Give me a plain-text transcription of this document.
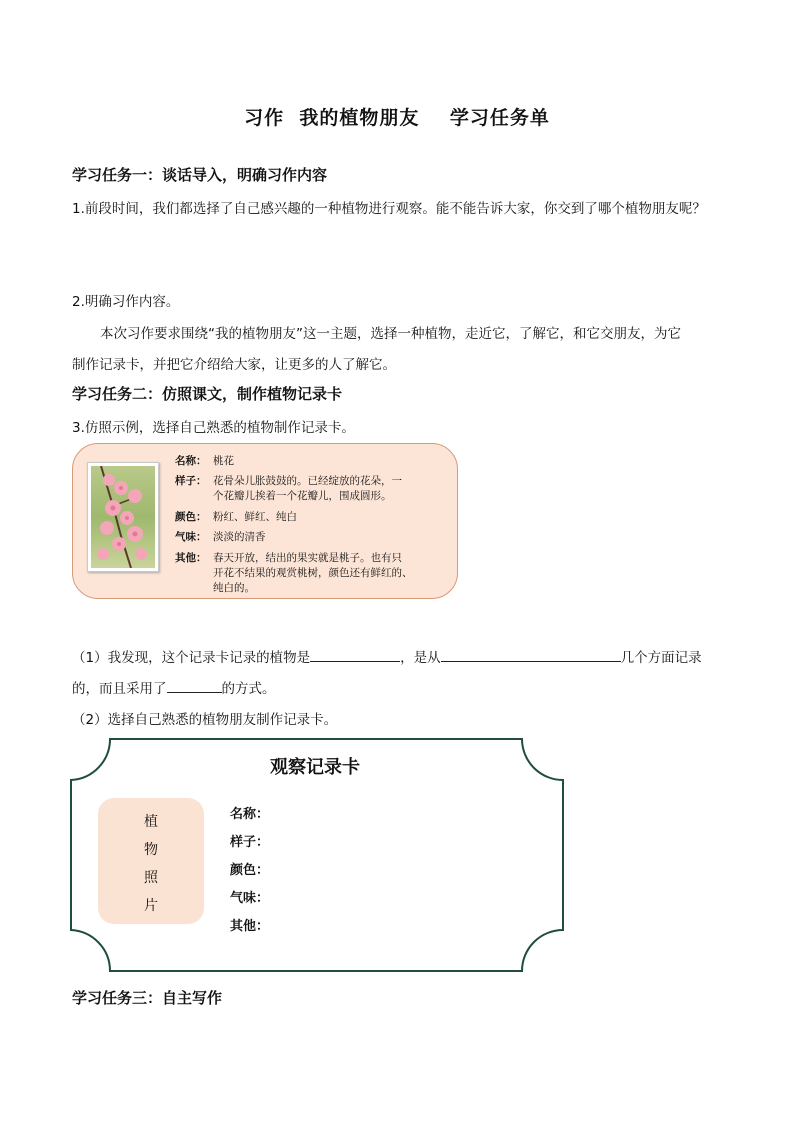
习作  我的植物朋友    学习任务单
学习任务一：谈话导入，明确习作内容
1.前段时间，我们都选择了自己感兴趣的一种植物进行观察。能不能告诉大家，你交到了哪个植物朋友呢？
2.明确习作内容。
本次习作要求围绕“我的植物朋友”这一主题，选择一种植物，走近它，了解它，和它交朋友，为它
制作记录卡，并把它介绍给大家，让更多的人了解它。
学习任务二：仿照课文，制作植物记录卡
3.仿照示例，选择自己熟悉的植物制作记录卡。
名称： 桃花
样子： 花骨朵儿胀鼓鼓的。已经绽放的花朵，一
个花瓣儿挨着一个花瓣儿，围成圆形。
颜色： 粉红、鲜红、纯白
气味： 淡淡的清香
其他： 春天开放，结出的果实就是桃子。也有只
开花不结果的观赏桃树，颜色还有鲜红的、
纯白的。
（1）我发现，这个记录卡记录的植物是	，是从	几个方面记录
的，而且采用了	的方式。
（2）选择自己熟悉的植物朋友制作记录卡。
观察记录卡
植
物
照
片
名称：
样子：
颜色：
气味：
其他：
学习任务三：自主写作
